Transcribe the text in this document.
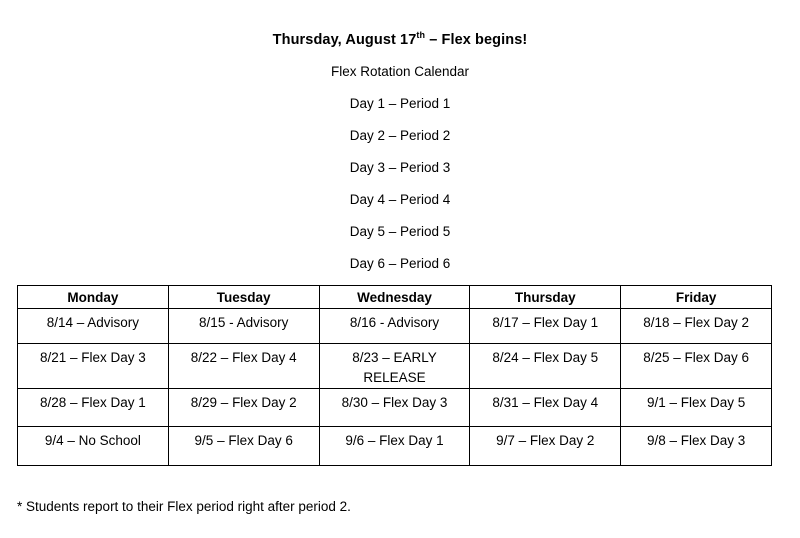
Thursday, August 17th – Flex begins!
Flex Rotation Calendar
Day 1 – Period 1
Day 2 – Period 2
Day 3 – Period 3
Day 4 – Period 4
Day 5 – Period 5
Day 6 – Period 6
Monday	Tuesday	Wednesday	Thursday	Friday
8/14 – Advisory	8/15 - Advisory	8/16 - Advisory	8/17 – Flex Day 1	8/18 – Flex Day 2
8/21 – Flex Day 3	8/22 – Flex Day 4	8/23 – EARLY RELEASE	8/24 – Flex Day 5	8/25 – Flex Day 6
8/28 – Flex Day 1	8/29 – Flex Day 2	8/30 – Flex Day 3	8/31 – Flex Day 4	9/1 – Flex Day 5
9/4 – No School	9/5 – Flex Day 6	9/6 – Flex Day 1	9/7 – Flex Day 2	9/8 – Flex Day 3
* Students report to their Flex period right after period 2.
